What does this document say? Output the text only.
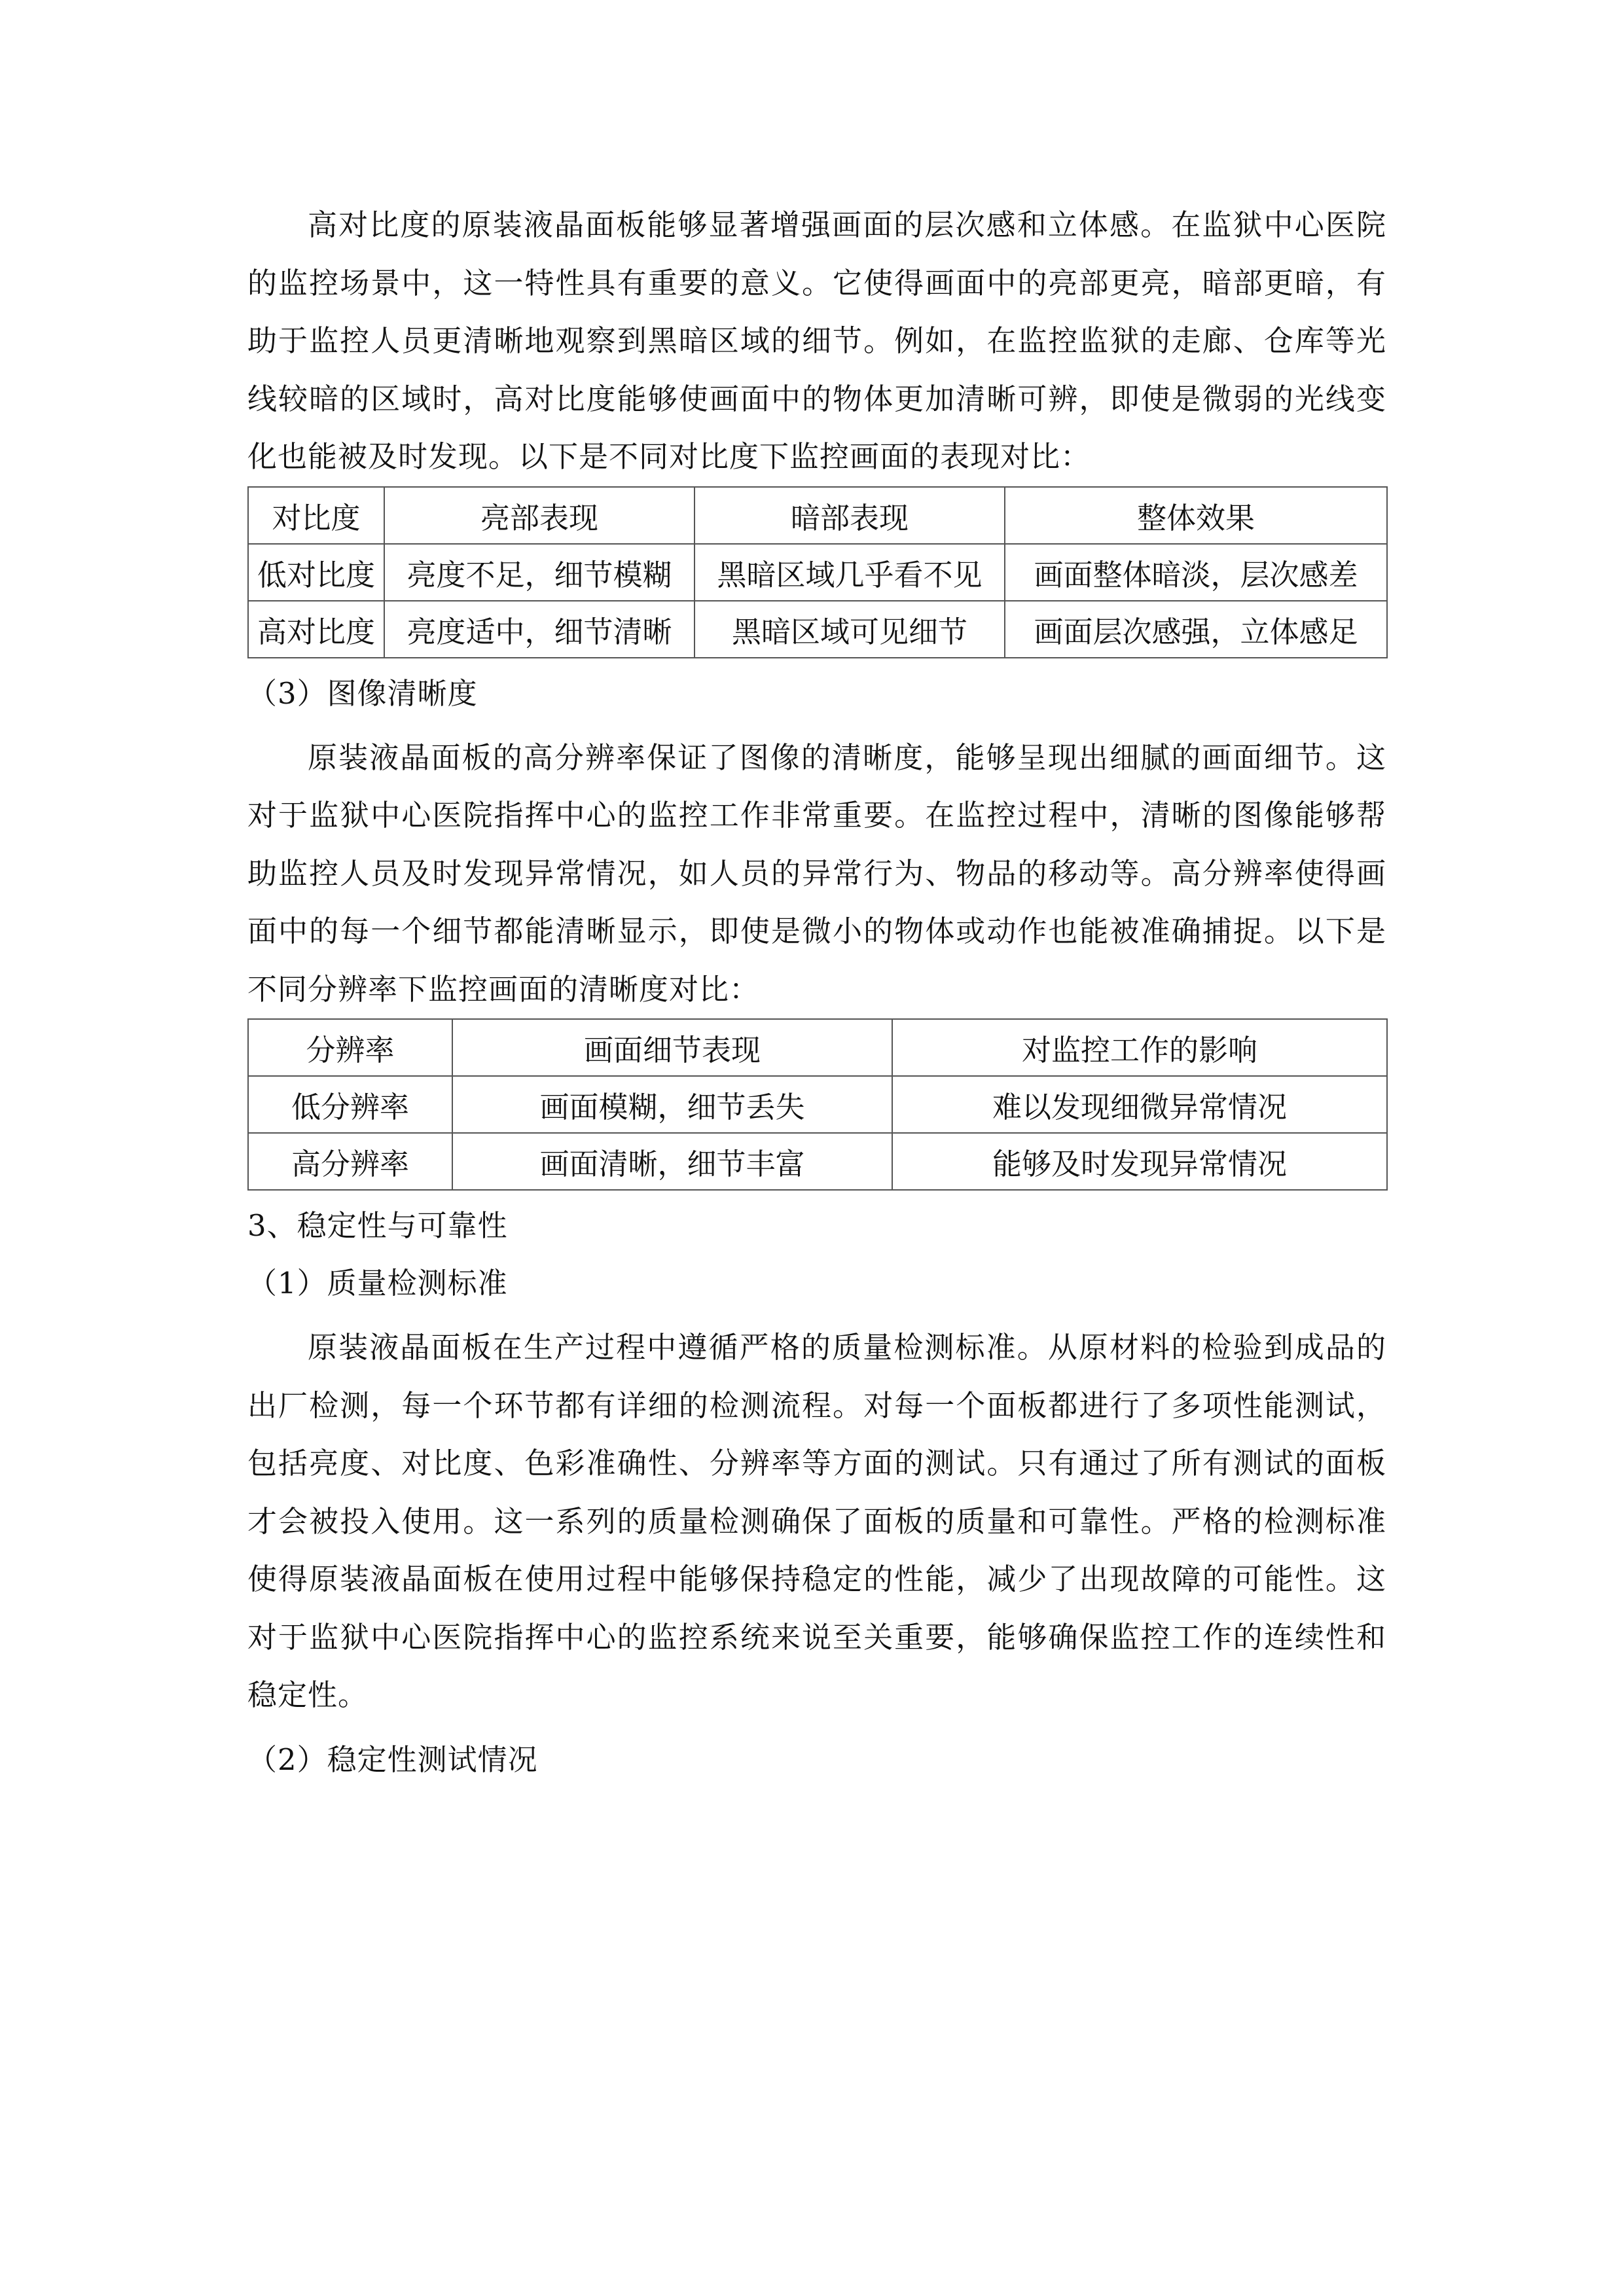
高对比度的原装液晶面板能够显著增强画面的层次感和立体感。在监狱中心医院的监控场景中，这一特性具有重要的意义。它使得画面中的亮部更亮，暗部更暗，有助于监控人员更清晰地观察到黑暗区域的细节。例如，在监控监狱的走廊、仓库等光线较暗的区域时，高对比度能够使画面中的物体更加清晰可辨，即使是微弱的光线变化也能被及时发现。以下是不同对比度下监控画面的表现对比：

对比度	亮部表现	暗部表现	整体效果
低对比度	亮度不足，细节模糊	黑暗区域几乎看不见	画面整体暗淡，层次感差
高对比度	亮度适中，细节清晰	黑暗区域可见细节	画面层次感强，立体感足

（3）图像清晰度

原装液晶面板的高分辨率保证了图像的清晰度，能够呈现出细腻的画面细节。这对于监狱中心医院指挥中心的监控工作非常重要。在监控过程中，清晰的图像能够帮助监控人员及时发现异常情况，如人员的异常行为、物品的移动等。高分辨率使得画面中的每一个细节都能清晰显示，即使是微小的物体或动作也能被准确捕捉。以下是不同分辨率下监控画面的清晰度对比：

分辨率	画面细节表现	对监控工作的影响
低分辨率	画面模糊，细节丢失	难以发现细微异常情况
高分辨率	画面清晰，细节丰富	能够及时发现异常情况

3、稳定性与可靠性

（1）质量检测标准

原装液晶面板在生产过程中遵循严格的质量检测标准。从原材料的检验到成品的出厂检测，每一个环节都有详细的检测流程。对每一个面板都进行了多项性能测试，包括亮度、对比度、色彩准确性、分辨率等方面的测试。只有通过了所有测试的面板才会被投入使用。这一系列的质量检测确保了面板的质量和可靠性。严格的检测标准使得原装液晶面板在使用过程中能够保持稳定的性能，减少了出现故障的可能性。这对于监狱中心医院指挥中心的监控系统来说至关重要，能够确保监控工作的连续性和稳定性。

（2）稳定性测试情况
